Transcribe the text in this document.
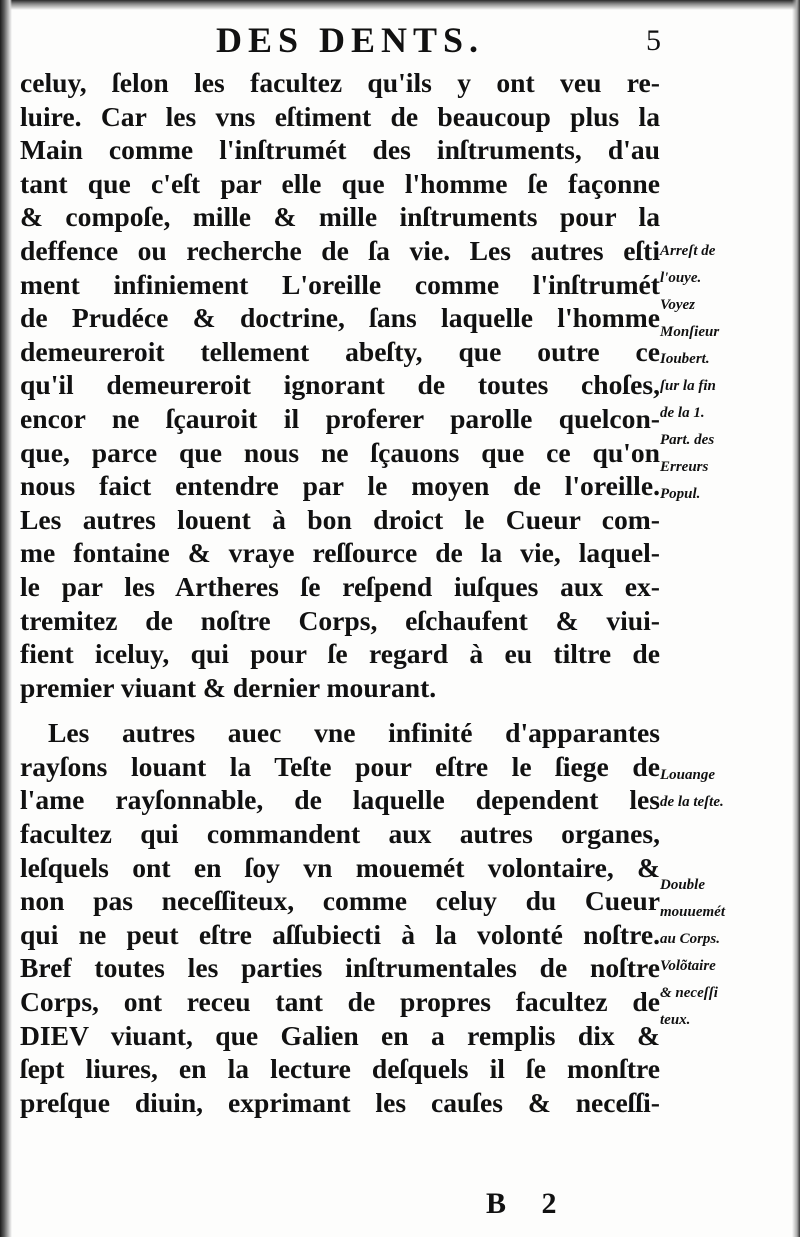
DES DENTS.	5
celuy, ſelon les facultez qu'ils y ont veu re-
luire. Car les vns eſtiment de beaucoup plus la
Main comme l'inſtrumét des inſtruments, d'au
tant que c'eſt par elle que l'homme ſe façonne
& compoſe, mille & mille inſtruments pour la
deffence ou recherche de ſa vie. Les autres eſti
ment infiniement L'oreille comme l'inſtrumét
de Prudéce & doctrine, ſans laquelle l'homme
demeureroit tellement abeſty, que outre ce
qu'il demeureroit ignorant de toutes choſes,
encor ne ſçauroit il proferer parolle quelcon-
que, parce que nous ne ſçauons que ce qu'on
nous faict entendre par le moyen de l'oreille.
Les autres louent à bon droict le Cueur com-
me fontaine & vraye reſſource de la vie, laquel-
le par les Artheres ſe reſpend iuſques aux ex-
tremitez de noſtre Corps, eſchaufent & viui-
fient iceluy, qui pour ſe regard à eu tiltre de
premier viuant & dernier mourant.
Les autres auec vne infinité d'apparantes
rayſons louant la Teſte pour eſtre le ſiege de
l'ame rayſonnable, de laquelle dependent les
facultez qui commandent aux autres organes,
leſquels ont en ſoy vn mouemét volontaire, &
non pas neceſſiteux, comme celuy du Cueur
qui ne peut eſtre aſſubiecti à la volonté noſtre.
Bref toutes les parties inſtrumentales de noſtre
Corps, ont receu tant de propres facultez de
DIEV viuant, que Galien en a remplis dix &
ſept liures, en la lecture deſquels il ſe monſtre
preſque diuin, exprimant les cauſes & neceſſi-
Arreſt de
l'ouye.
Voyez
Monſieur
Ioubert.
ſur la fin
de la 1.
Part. des
Erreurs
Popul.
Louange
de la teſte.
Double
mouuemét
au Corps.
Volõtaire
& neceſſi
teux.
B 2
